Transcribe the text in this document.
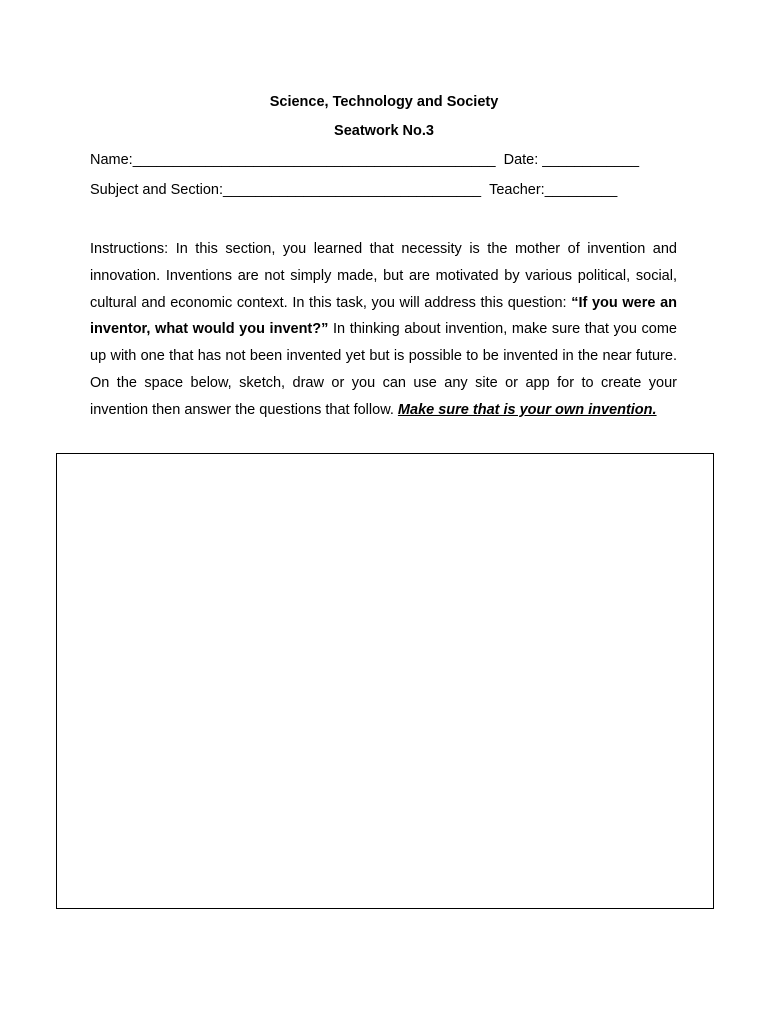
Science, Technology and Society
Seatwork No.3
Name:_____________________________________________ Date: ____________
Subject and Section:________________________________ Teacher:_________
Instructions: In this section, you learned that necessity is the mother of invention and innovation. Inventions are not simply made, but are motivated by various political, social, cultural and economic context. In this task, you will address this question: “If you were an inventor, what would you invent?” In thinking about invention, make sure that you come up with one that has not been invented yet but is possible to be invented in the near future. On the space below, sketch, draw or you can use any site or app for to create your invention then answer the questions that follow. Make sure that is your own invention.
